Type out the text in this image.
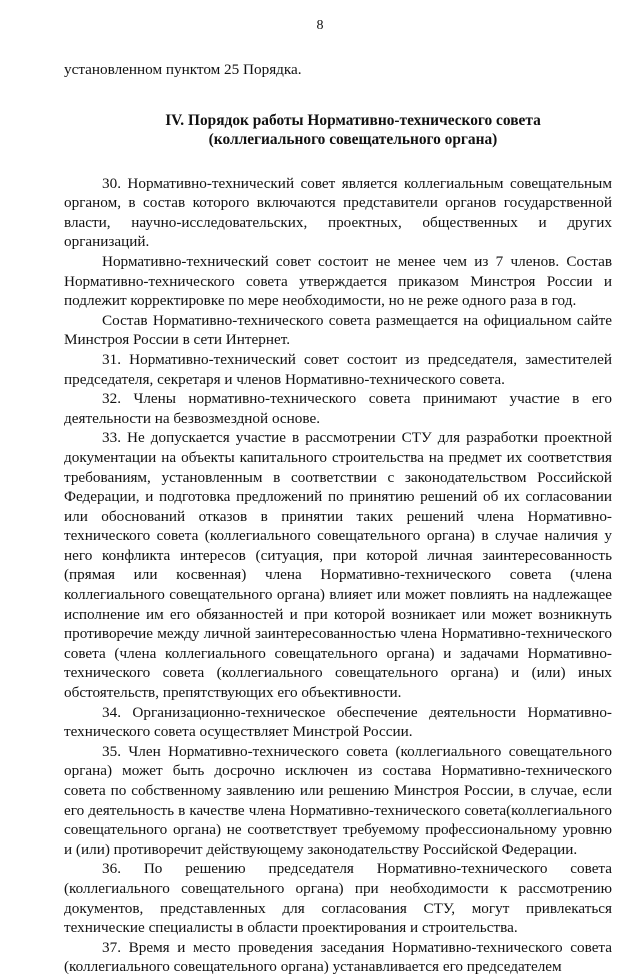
8

установленном пунктом 25 Порядка.

IV. Порядок работы Нормативно-технического совета (коллегиального совещательного органа)

30. Нормативно-технический совет является коллегиальным совещательным органом, в состав которого включаются представители органов государственной власти, научно-исследовательских, проектных, общественных и других организаций.

Нормативно-технический совет состоит не менее чем из 7 членов. Состав Нормативно-технического совета утверждается приказом Минстроя России и подлежит корректировке по мере необходимости, но не реже одного раза в год.

Состав Нормативно-технического совета размещается на официальном сайте Минстроя России в сети Интернет.

31. Нормативно-технический совет состоит из председателя, заместителей председателя, секретаря и членов Нормативно-технического совета.

32. Члены нормативно-технического совета принимают участие в его деятельности на безвозмездной основе.

33. Не допускается участие в рассмотрении СТУ для разработки проектной документации на объекты капитального строительства на предмет их соответствия требованиям, установленным в соответствии с законодательством Российской Федерации, и подготовка предложений по принятию решений об их согласовании или обоснований отказов в принятии таких решений члена Нормативно-технического совета (коллегиального совещательного органа) в случае наличия у него конфликта интересов (ситуация, при которой личная заинтересованность (прямая или косвенная) члена Нормативно-технического совета (члена коллегиального совещательного органа) влияет или может повлиять на надлежащее исполнение им его обязанностей и при которой возникает или может возникнуть противоречие между личной заинтересованностью члена Нормативно-технического совета (члена коллегиального совещательного органа) и задачами Нормативно-технического совета (коллегиального совещательного органа) и (или) иных обстоятельств, препятствующих его объективности.

34. Организационно-техническое обеспечение деятельности Нормативно-технического совета осуществляет Минстрой России.

35. Член Нормативно-технического совета (коллегиального совещательного органа) может быть досрочно исключен из состава Нормативно-технического совета по собственному заявлению или решению Минстроя России, в случае, если его деятельность в качестве члена Нормативно-технического совета(коллегиального совещательного органа) не соответствует требуемому профессиональному уровню и (или) противоречит действующему законодательству Российской Федерации.

36. По решению председателя Нормативно-технического совета (коллегиального совещательного органа) при необходимости к рассмотрению документов, представленных для согласования СТУ, могут привлекаться технические специалисты в области проектирования и строительства.

37. Время и место проведения заседания Нормативно-технического совета (коллегиального совещательного органа) устанавливается его председателем
